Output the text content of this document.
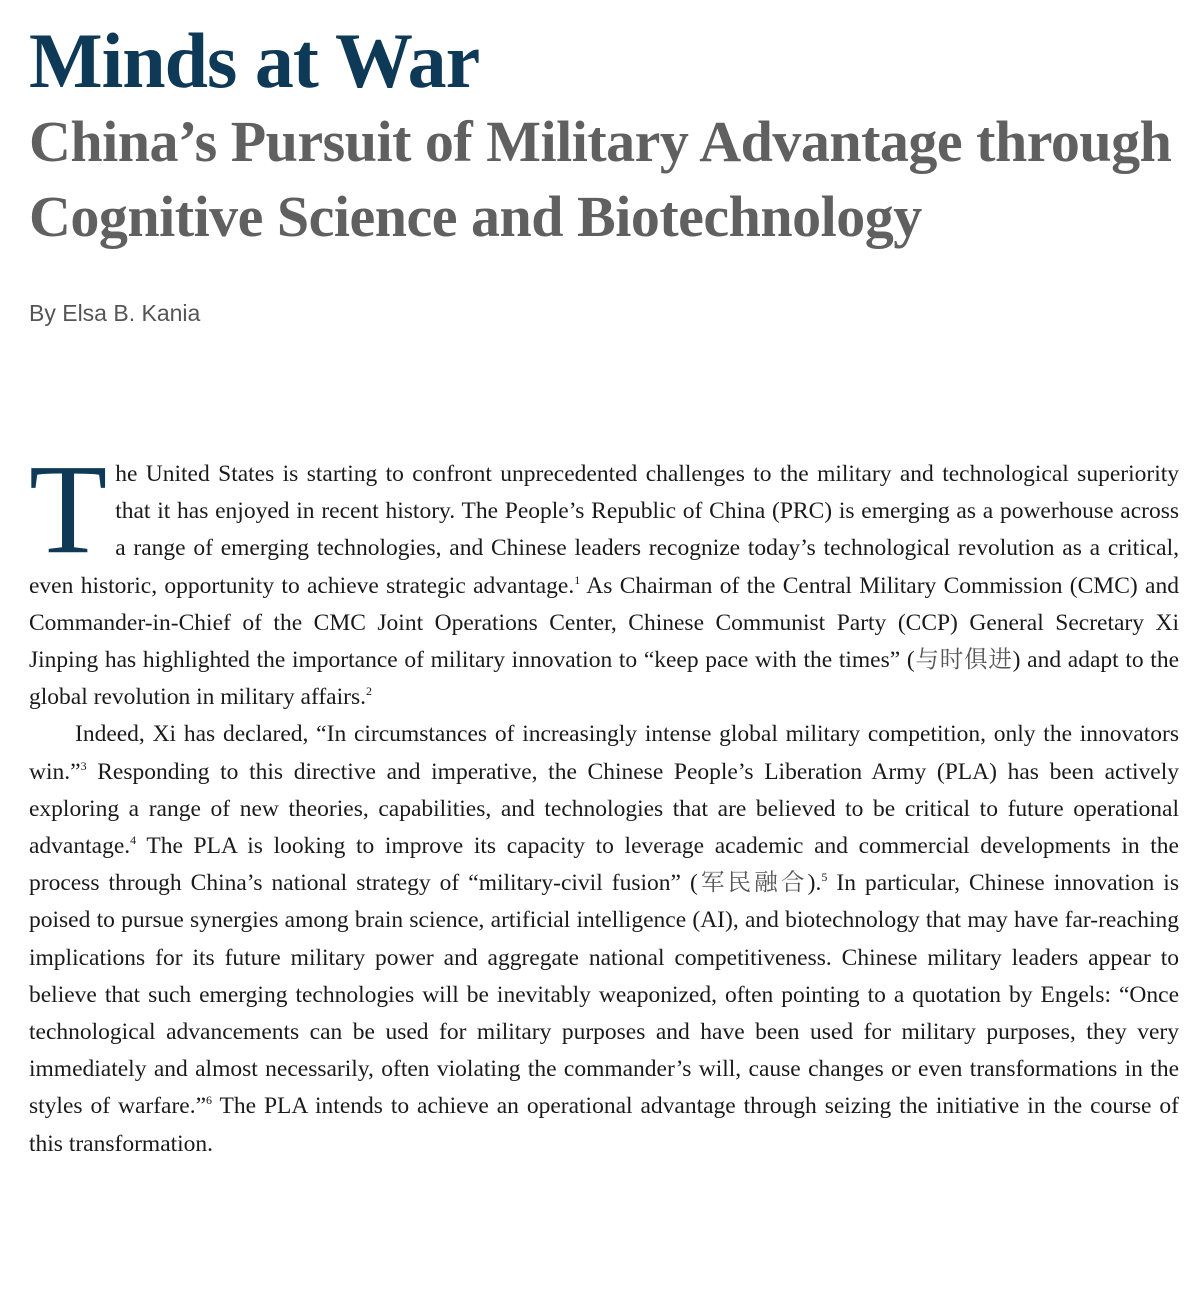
Minds at War
China’s Pursuit of Military Advantage through Cognitive Science and Biotechnology
By Elsa B. Kania

The United States is starting to confront unprecedented challenges to the military and technological superiority that it has enjoyed in recent history. The People’s Republic of China (PRC) is emerging as a powerhouse across a range of emerging technologies, and Chinese leaders recognize today’s technological revolution as a critical, even historic, opportunity to achieve strategic advantage.$^1$ As Chairman of the Central Military Commission (CMC) and Commander-in-Chief of the CMC Joint Operations Center, Chinese Communist Party (CCP) General Secretary Xi Jinping has highlighted the importance of military innovation to “keep pace with the times” (与时俱进) and adapt to the global revolution in military affairs.$^2$

Indeed, Xi has declared, “In circumstances of increasingly intense global military competition, only the innovators win.”$^3$ Responding to this directive and imperative, the Chinese People’s Liberation Army (PLA) has been actively exploring a range of new theories, capabilities, and technologies that are believed to be critical to future operational advantage.$^4$ The PLA is looking to improve its capacity to leverage academic and commercial developments in the process through China’s national strategy of “military-civil fusion” (军民融合).$^5$ In particular, Chinese innovation is poised to pursue synergies among brain science, artificial intelligence (AI), and biotechnology that may have far-reaching implications for its future military power and aggregate national competitiveness. Chinese military leaders appear to believe that such emerging technologies will be inevitably weaponized, often pointing to a quotation by Engels: “Once technological advancements can be used for military purposes and have been used for military purposes, they very immediately and almost necessarily, often violating the commander’s will, cause changes or even transformations in the styles of warfare.”$^6$ The PLA intends to achieve an operational advantage through seizing the initiative in the course of this transformation.
